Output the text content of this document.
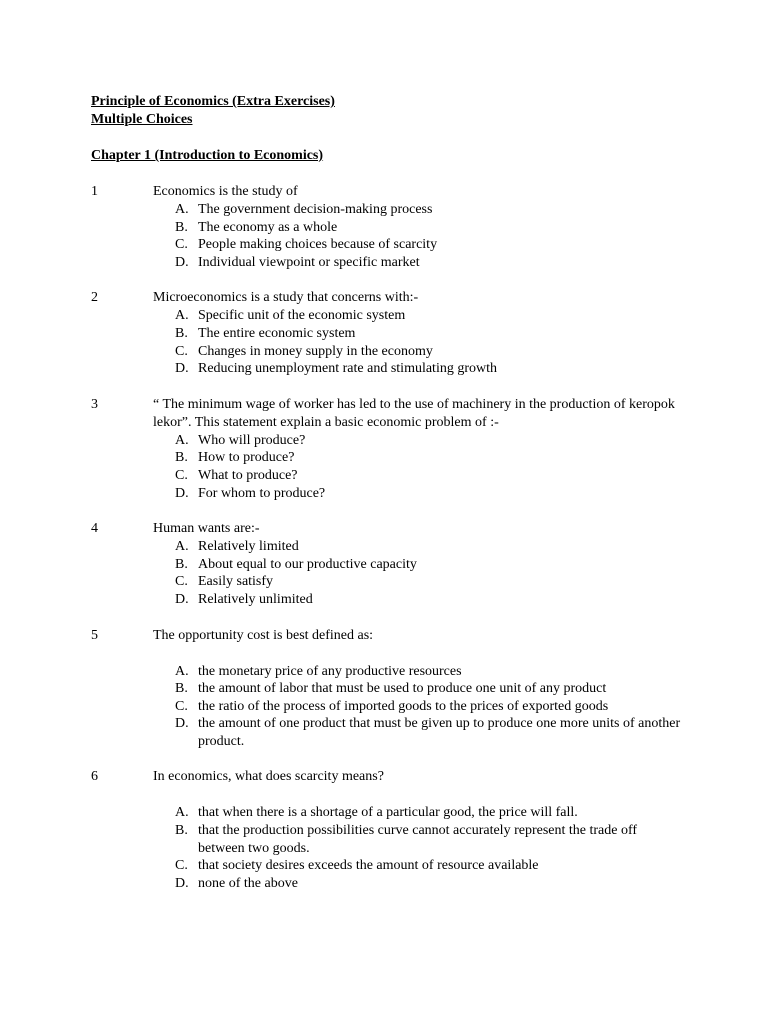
Principle of Economics (Extra Exercises)

Multiple Choices

Chapter 1 (Introduction to Economics)

1	Economics is the study of
A. The government decision-making process
B. The economy as a whole
C. People making choices because of scarcity
D. Individual viewpoint or specific market
2	Microeconomics is a study that concerns with:-
A. Specific unit of the economic system
B. The entire economic system
C. Changes in money supply in the economy
D. Reducing unemployment rate and stimulating growth
3	“ The minimum wage of worker has led to the use of machinery in the production of keropok lekor”. This statement explain a basic economic problem of :-
A. Who will produce?
B. How to produce?
C. What to produce?
D. For whom to produce?
4	Human wants are:-
A. Relatively limited
B. About equal to our productive capacity
C. Easily satisfy
D. Relatively unlimited
5	The opportunity cost is best defined as:
A. the monetary price of any productive resources
B. the amount of labor that must be used to produce one unit of any product
C. the ratio of the process of imported goods to the prices of exported goods
D. the amount of one product that must be given up to produce one more units of another product.
6	In economics, what does scarcity means?
A. that when there is a shortage of a particular good, the price will fall.
B. that the production possibilities curve cannot accurately represent the trade off between two goods.
C. that society desires exceeds the amount of resource available
D. none of the above
